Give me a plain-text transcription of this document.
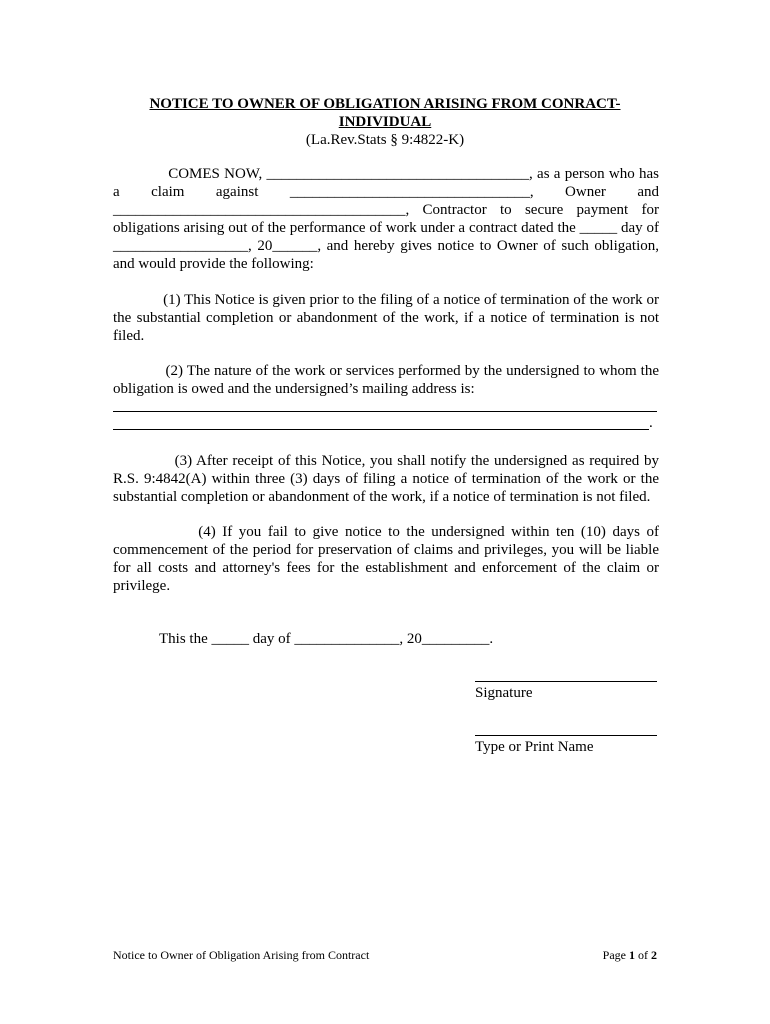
NOTICE TO OWNER OF OBLIGATION ARISING FROM CONRACT-
INDIVIDUAL
(La.Rev.Stats § 9:4822-K)
COMES NOW, ___________________________________, as a person who has a claim against ________________________________, Owner and _______________________________________, Contractor to secure payment for obligations arising out of the performance of work under a contract dated the _____ day of __________________, 20______, and hereby gives notice to Owner of such obligation, and would provide the following:
(1) This Notice is given prior to the filing of a notice of termination of the work or the substantial completion or abandonment of the work, if a notice of termination is not filed.
(2) The nature of the work or services performed by the undersigned to whom the obligation is owed and the undersigned’s mailing address is:
.
(3) After receipt of this Notice, you shall notify the undersigned as required by R.S. 9:4842(A) within three (3) days of filing a notice of termination of the work or the substantial completion or abandonment of the work, if a notice of termination is not filed.
(4) If you fail to give notice to the undersigned within ten (10) days of commencement of the period for preservation of claims and privileges, you will be liable for all costs and attorney's fees for the establishment and enforcement of the claim or privilege.
This the _____ day of ______________, 20_________.
Signature
Type or Print Name
Notice to Owner of Obligation Arising from Contract	Page 1 of 2
